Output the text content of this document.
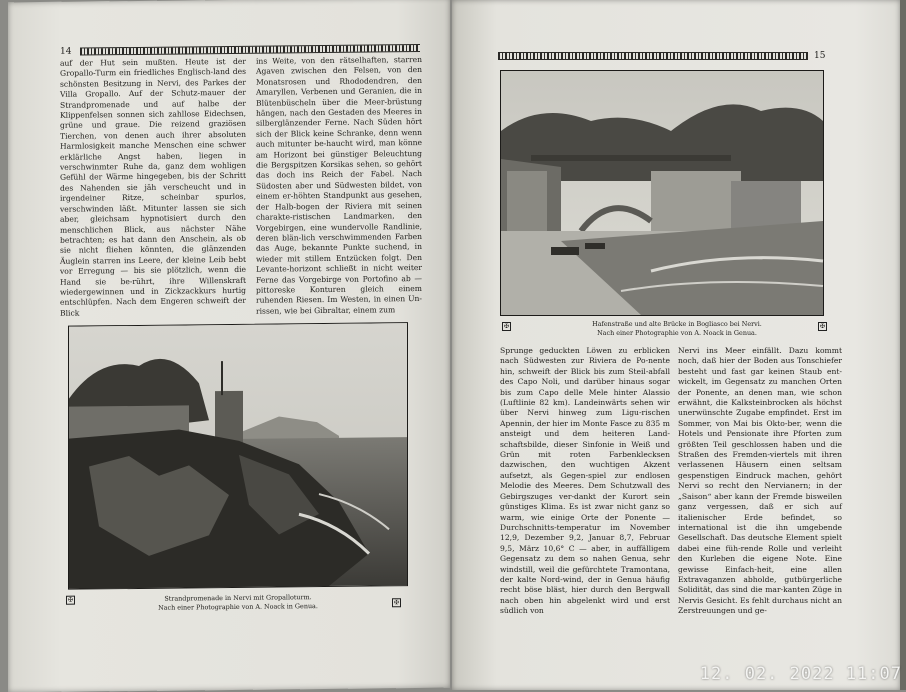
14

auf der Hut sein mußten. Heute ist der Gropallo-Turm ein friedliches Englisch-land des schönsten Besitzung in Nervi, des Parkes der Villa Gropallo. Auf der Schutz-mauer der Strandpromenade und auf halbe der Klippenfelsen sonnen sich zahllose Eidechsen, grüne und graue. Die reizend graziösen Tierchen, von denen auch ihrer absoluten Harmlosigkeit manche Menschen eine schwer erklärliche Angst haben, liegen in verschwinmter Ruhe da, ganz dem wohligen Gefühl der Wärme hingegeben, bis der Schritt des Nahenden sie jäh verscheucht und in irgendeiner Ritze, scheinbar spurlos, verschwinden läßt. Mitunter lassen sie sich aber, gleichsam hypnotisiert durch den menschlichen Blick, aus nächster Nähe betrachten; es hat dann den Anschein, als ob sie nicht fliehen könnten, die glänzenden Äuglein starren ins Leere, der kleine Leib bebt vor Erregung — bis sie plötzlich, wenn die Hand sie be-rührt, ihre Willenskraft wiedergewinnen und in Zickzackkurs hurtig entschlüpfen. Nach dem Engeren schweift der Blick

ins Weite, von den rätselhaften, starren Agaven zwischen den Felsen, von den Monatsrosen und Rhododendren, den Amaryllen, Verbenen und Geranien, die in Blütenbüscheln über die Meer-brüstung hängen, nach den Gestaden des Meeres in silberglänzender Ferne. Nach Süden hört sich der Blick keine Schranke, denn wenn auch mitunter be-haucht wird, man könne am Horizont bei günstiger Beleuchtung die Bergspitzen Korsikas sehen, so gehört das doch ins Reich der Fabel. Nach Südosten aber und Südwesten bildet, von einem er-höhten Standpunkt aus gesehen, der Halb-bogen der Riviera mit seinen charakte-ristischen Landmarken, den Vorgebirgen, eine wundervolle Randlinie, deren blän-lich verschwimmenden Farben das Auge, bekannte Punkte suchend, in wieder mit stillem Entzücken folgt. Den Levante-horizont schließt in nicht weiter Ferne das Vorgebirge von Portofino ab — pittoreske Konturen gleich einem ruhenden Riesen. Im Westen, in einen Un-rissen, wie bei Gibraltar, einem zum

✠	✠
Strandpromenade in Nervi mit Gropalloturm.
Nach einer Photographie von A. Noack in Genua.
15
✠	✠
Hafenstraße und alte Brücke in Bogliasco bei Nervi.
Nach einer Photographie von A. Noack in Genua.

Sprunge geduckten Löwen zu erblicken nach Südwesten zur Riviera de Po-nente hin, schweift der Blick bis zum Steil-abfall des Capo Noli, und darüber hinaus sogar bis zum Capo delle Mele hinter Alassio (Luftlinie 82 km). Landeinwärts sehen wir über Nervi hinweg zum Ligu-rischen Apennin, der hier im Monte Fasce zu 835 m ansteigt und dem heiteren Land-schaftsbilde, dieser Sinfonie in Weiß und Grün mit roten Farbenklecksen dazwischen, den wuchtigen Akzent aufsetzt, als Gegen-spiel zur endlosen Melodie des Meeres. Dem Schutzwall des Gebirgszuges ver-dankt der Kurort sein günstiges Klima. Es ist zwar nicht ganz so warm, wie einige Orte der Ponente — Durchschnitts-temperatur im November 12,9, Dezember 9,2, Januar 8,7, Februar 9,5, März 10,6° C — aber, in auffälligem Gegensatz zu dem so nahen Genua, sehr windstill, weil die gefürchtete Tramontana, der kalte Nord-wind, der in Genua häufig recht böse bläst, hier durch den Bergwall nach oben hin abgelenkt wird und erst südlich von

Nervi ins Meer einfällt. Dazu kommt noch, daß hier der Boden aus Tonschiefer besteht und fast gar keinen Staub ent-wickelt, im Gegensatz zu manchen Orten der Ponente, an denen man, wie schon erwähnt, die Kalksteinbrocken als höchst unerwünschte Zugabe empfindet. Erst im Sommer, von Mai bis Okto-ber, wenn die Hotels und Pensionate ihre Pforten zum größten Teil geschlossen haben und die Straßen des Fremden-viertels mit ihren verlassenen Häusern einen seltsam gespenstigen Eindruck machen, gehört Nervi so recht den Nervianern; in der „Saison“ aber kann der Fremde bisweilen ganz vergessen, daß er sich auf italienischer Erde befindet, so international ist die ihn umgebende Gesellschaft. Das deutsche Element spielt dabei eine füh-rende Rolle und verleiht den Kurleben die eigene Note. Eine gewisse Einfach-heit, eine allen Extravaganzen abholde, gutbürgerliche Solidität, das sind die mar-kanten Züge in Nervis Gesicht. Es fehlt durchaus nicht an Zerstreuungen und ge-

12. 02. 2022 11:07
